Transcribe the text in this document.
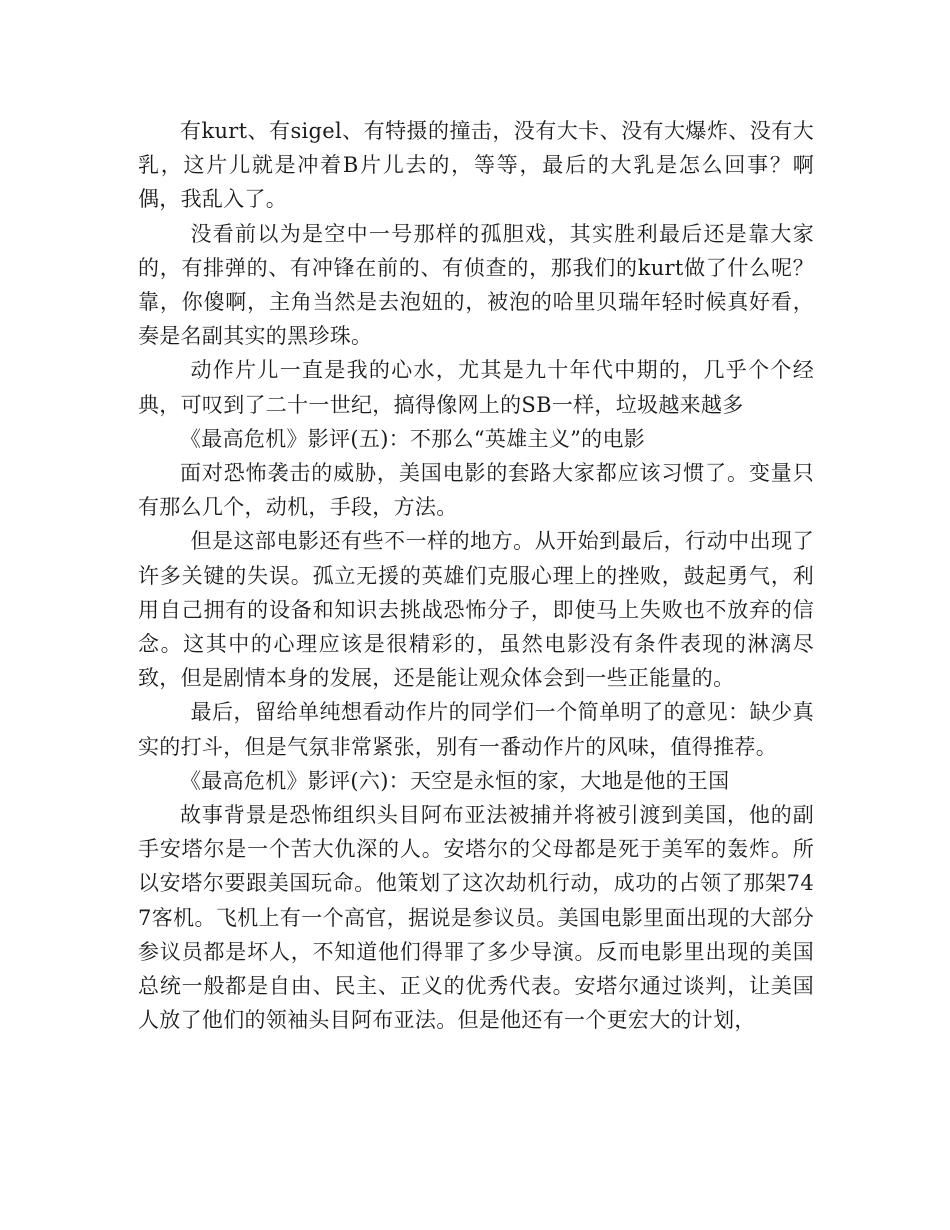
有kurt、有sigel、有特摄的撞击，没有大卡、没有大爆炸、没有大乳，这片儿就是冲着B片儿去的，等等，最后的大乳是怎么回事？啊偶，我乱入了。

没看前以为是空中一号那样的孤胆戏，其实胜利最后还是靠大家的，有排弹的、有冲锋在前的、有侦查的，那我们的kurt做了什么呢？靠，你傻啊，主角当然是去泡妞的，被泡的哈里贝瑞年轻时候真好看，奏是名副其实的黑珍珠。

动作片儿一直是我的心水，尤其是九十年代中期的，几乎个个经典，可叹到了二十一世纪，搞得像网上的SB一样，垃圾越来越多

《最高危机》影评(五)：不那么“英雄主义”的电影

面对恐怖袭击的威胁，美国电影的套路大家都应该习惯了。变量只有那么几个，动机，手段，方法。

但是这部电影还有些不一样的地方。从开始到最后，行动中出现了许多关键的失误。孤立无援的英雄们克服心理上的挫败，鼓起勇气，利用自己拥有的设备和知识去挑战恐怖分子，即使马上失败也不放弃的信念。这其中的心理应该是很精彩的，虽然电影没有条件表现的淋漓尽致，但是剧情本身的发展，还是能让观众体会到一些正能量的。

最后，留给单纯想看动作片的同学们一个简单明了的意见：缺少真实的打斗，但是气氛非常紧张，别有一番动作片的风味，值得推荐。

《最高危机》影评(六)：天空是永恒的家，大地是他的王国

故事背景是恐怖组织头目阿布亚法被捕并将被引渡到美国，他的副手安塔尔是一个苦大仇深的人。安塔尔的父母都是死于美军的轰炸。所以安塔尔要跟美国玩命。他策划了这次劫机行动，成功的占领了那架747客机。飞机上有一个高官，据说是参议员。美国电影里面出现的大部分参议员都是坏人，不知道他们得罪了多少导演。反而电影里出现的美国总统一般都是自由、民主、正义的优秀代表。安塔尔通过谈判，让美国人放了他们的领袖头目阿布亚法。但是他还有一个更宏大的计划，
